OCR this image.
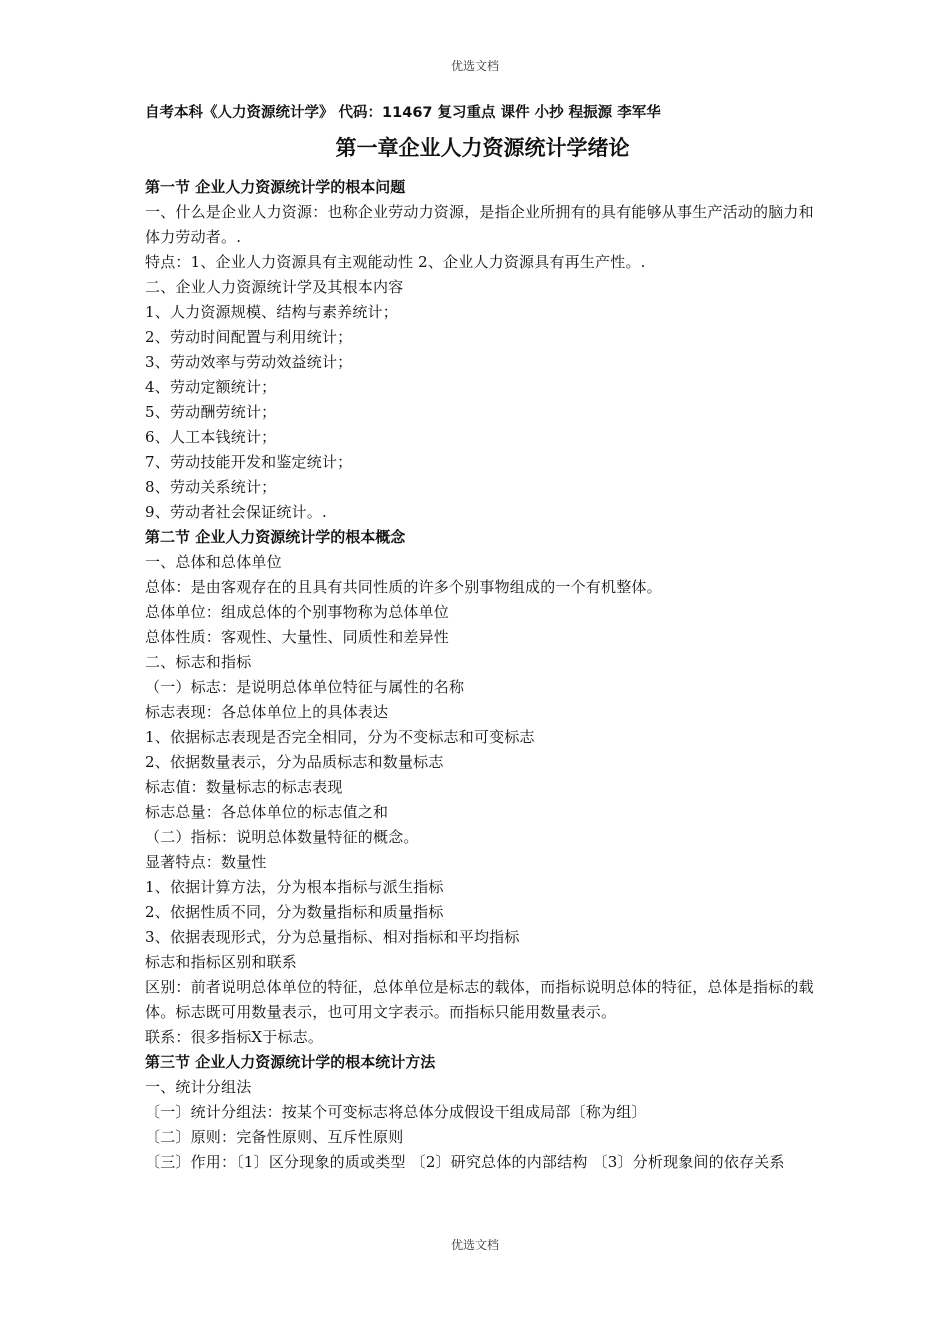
优选文档

自考本科《人力资源统计学》 代码：11467 复习重点 课件 小抄 程振源 李军华

第一章企业人力资源统计学绪论

第一节 企业人力资源统计学的根本问题

一、什么是企业人力资源：也称企业劳动力资源，是指企业所拥有的具有能够从事生产活动的脑力和体力劳动者。.

特点：1、企业人力资源具有主观能动性 2、企业人力资源具有再生产性。.

二、企业人力资源统计学及其根本内容

1、人力资源规模、结构与素养统计；

2、劳动时间配置与利用统计；

3、劳动效率与劳动效益统计；

4、劳动定额统计；

5、劳动酬劳统计；

6、人工本钱统计；

7、劳动技能开发和鉴定统计；

8、劳动关系统计；

9、劳动者社会保证统计。.

第二节 企业人力资源统计学的根本概念

一、总体和总体单位

总体：是由客观存在的且具有共同性质的许多个别事物组成的一个有机整体。

总体单位：组成总体的个别事物称为总体单位

总体性质：客观性、大量性、同质性和差异性

二、标志和指标

（一）标志：是说明总体单位特征与属性的名称

标志表现：各总体单位上的具体表达

1、依据标志表现是否完全相同，分为不变标志和可变标志

2、依据数量表示，分为品质标志和数量标志

标志值：数量标志的标志表现

标志总量：各总体单位的标志值之和

（二）指标：说明总体数量特征的概念。

显著特点：数量性

1、依据计算方法，分为根本指标与派生指标

2、依据性质不同，分为数量指标和质量指标

3、依据表现形式，分为总量指标、相对指标和平均指标

标志和指标区别和联系

区别：前者说明总体单位的特征，总体单位是标志的载体，而指标说明总体的特征，总体是指标的载体。标志既可用数量表示，也可用文字表示。而指标只能用数量表示。

联系：很多指标X于标志。

第三节 企业人力资源统计学的根本统计方法

一、统计分组法

〔一〕统计分组法：按某个可变标志将总体分成假设干组成局部〔称为组〕

〔二〕原则：完备性原则、互斥性原则

〔三〕作用：〔1〕区分现象的质或类型 〔2〕研究总体的内部结构 〔3〕分析现象间的依存关系

优选文档
